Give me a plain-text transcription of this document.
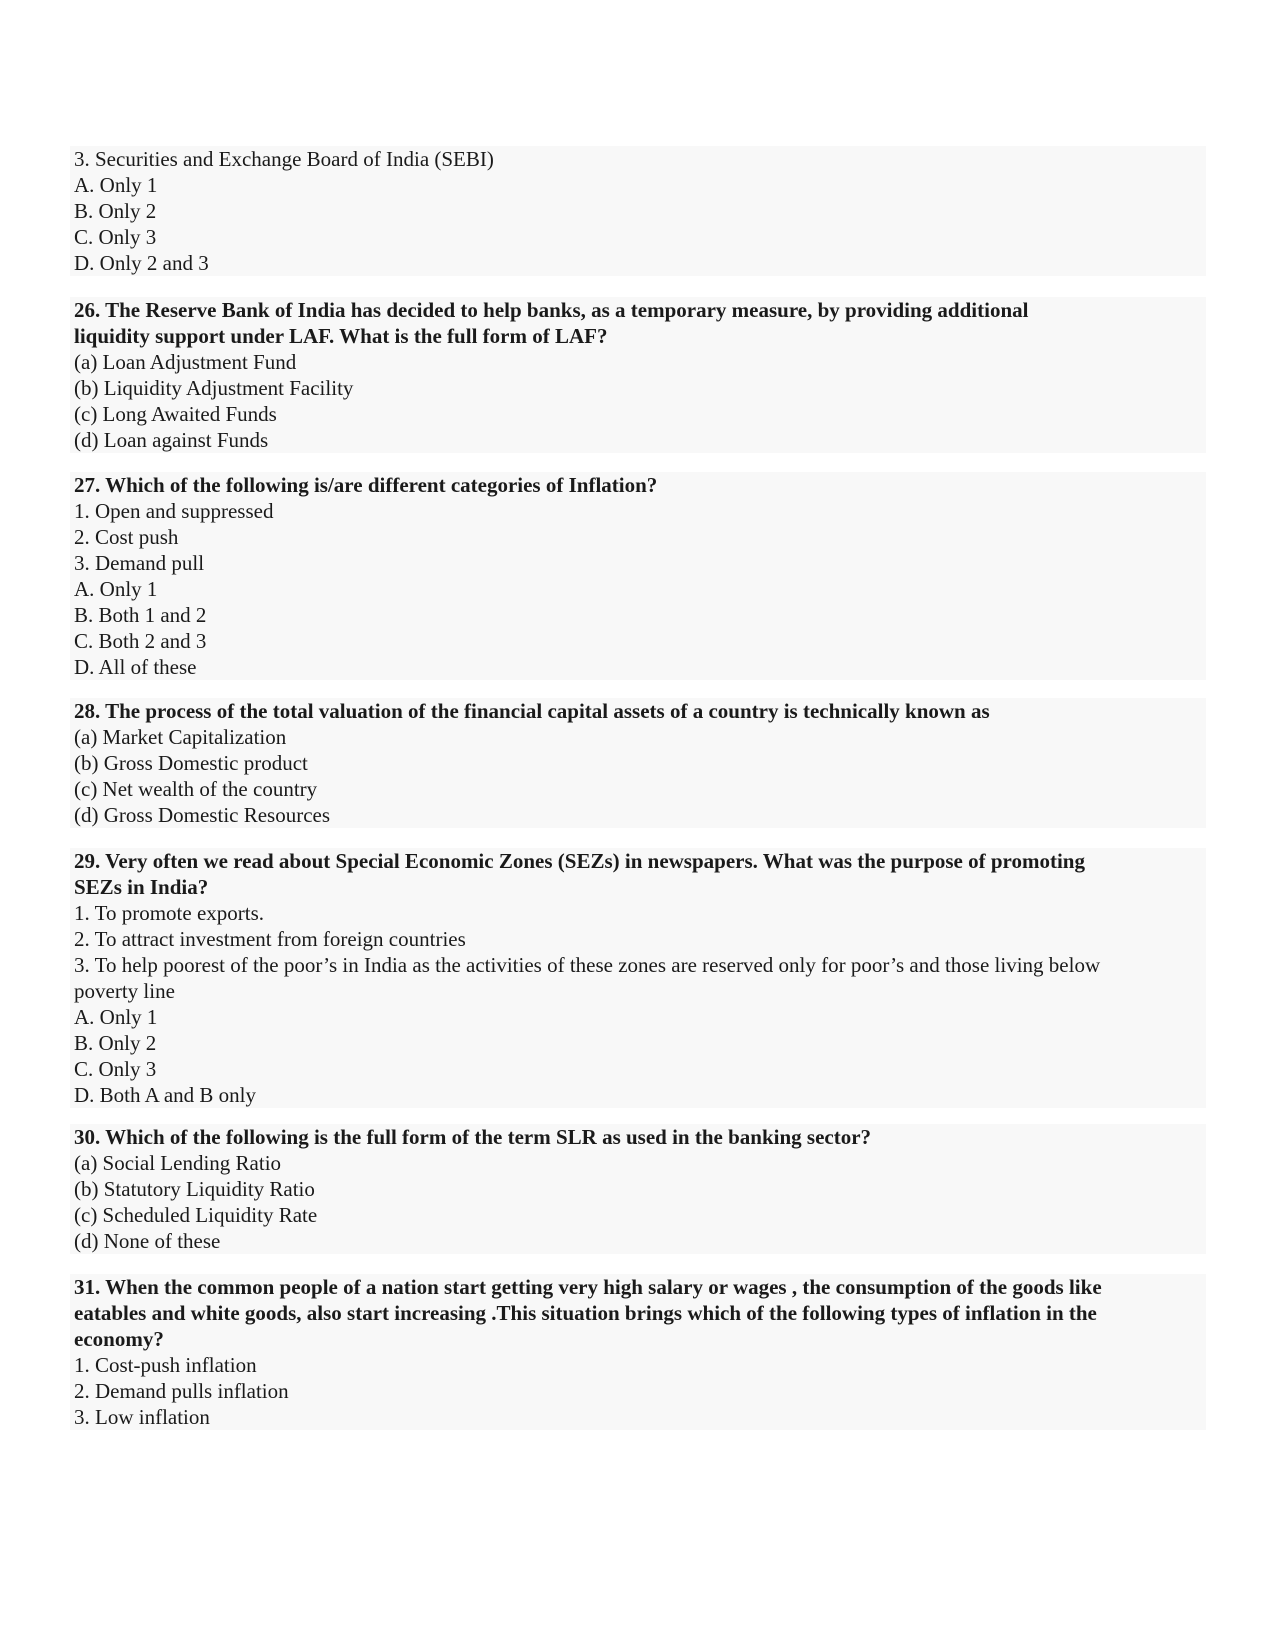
3. Securities and Exchange Board of India (SEBI)

A. Only 1

B. Only 2

C. Only 3

D. Only 2 and 3

26. The Reserve Bank of India has decided to help banks, as a temporary measure, by providing additional

liquidity support under LAF. What is the full form of LAF?

(a) Loan Adjustment Fund

(b) Liquidity Adjustment Facility

(c) Long Awaited Funds

(d) Loan against Funds

27. Which of the following is/are different categories of Inflation?

1. Open and suppressed

2. Cost push

3. Demand pull

A. Only 1

B. Both 1 and 2

C. Both 2 and 3

D. All of these

28. The process of the total valuation of the financial capital assets of a country is technically known as

(a) Market Capitalization

(b) Gross Domestic product

(c) Net wealth of the country

(d) Gross Domestic Resources

29. Very often we read about Special Economic Zones (SEZs) in newspapers. What was the purpose of promoting

SEZs in India?

1. To promote exports.

2. To attract investment from foreign countries

3. To help poorest of the poor’s in India as the activities of these zones are reserved only for poor’s and those living below

poverty line

A. Only 1

B. Only 2

C. Only 3

D. Both A and B only

30. Which of the following is the full form of the term SLR as used in the banking sector?

(a) Social Lending Ratio

(b) Statutory Liquidity Ratio

(c) Scheduled Liquidity Rate

(d) None of these

31. When the common people of a nation start getting very high salary or wages , the consumption of the goods like

eatables and white goods, also start increasing .This situation brings which of the following types of inflation in the

economy?

1. Cost-push inflation

2. Demand pulls inflation

3. Low inflation
